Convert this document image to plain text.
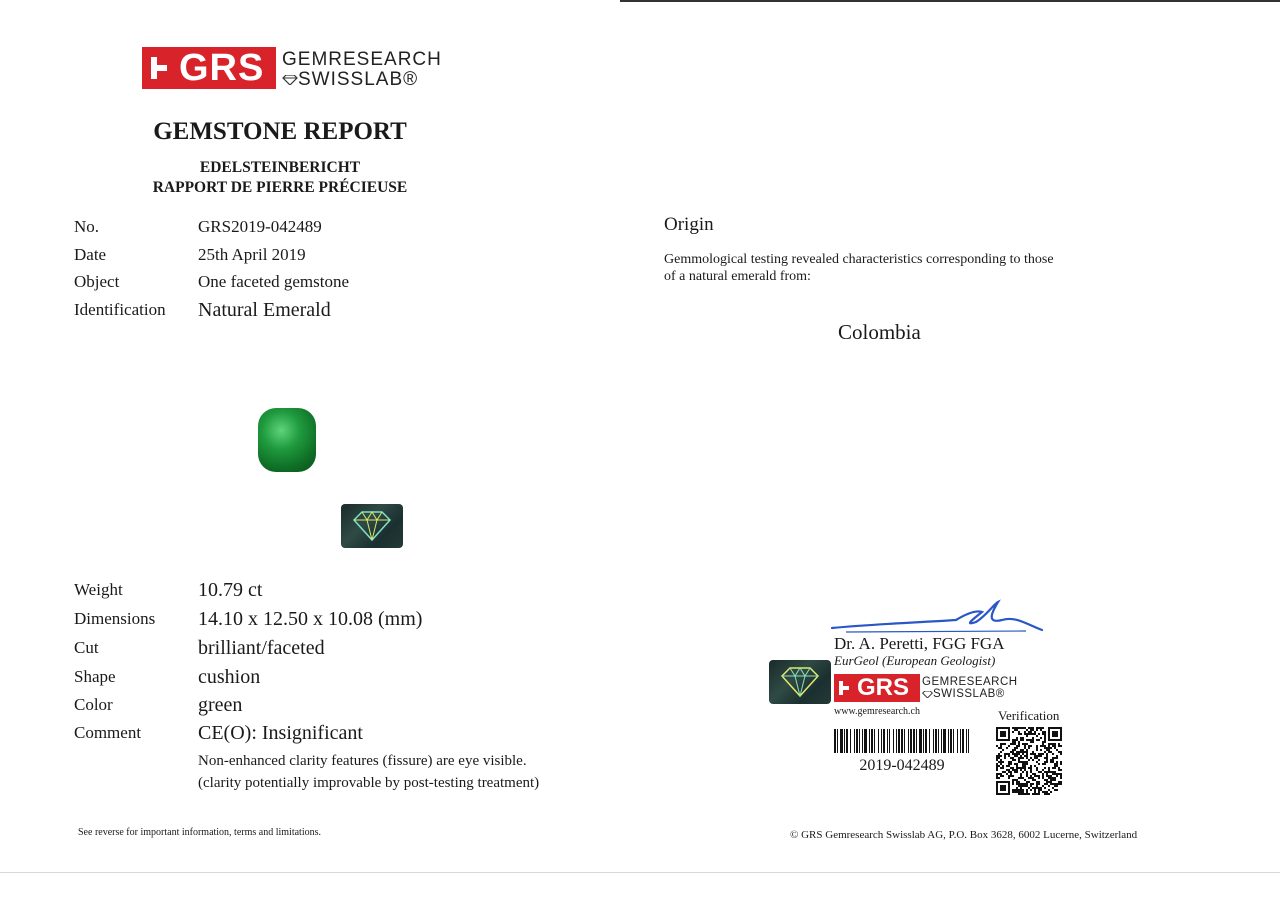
GRS GEMRESEARCH
SWISSLAB®
GEMSTONE REPORT
EDELSTEINBERICHT
RAPPORT DE PIERRE PRÉCIEUSE
No.	GRS2019-042489
Date	25th April 2019
Object	One faceted gemstone
Identification Natural Emerald
Weight	10.79 ct
Dimensions 14.10 x 12.50 x 10.08 (mm)
Cut	brilliant/faceted
Shape	cushion
Color	green
Comment	CE(O): Insignificant
Non-enhanced clarity features (fissure) are eye visible.
(clarity potentially improvable by post-testing treatment)
Origin
Gemmological testing revealed characteristics corresponding to those
of a natural emerald from:
Colombia
Dr. A. Peretti, FGG FGA
EurGeol (European Geologist)
GRS GEMRESEARCH
SWISSLAB®
www.gemresearch.ch	Verification
2019-042489
See reverse for important information, terms and limitations.	© GRS Gemresearch Swisslab AG, P.O. Box 3628, 6002 Lucerne, Switzerland
